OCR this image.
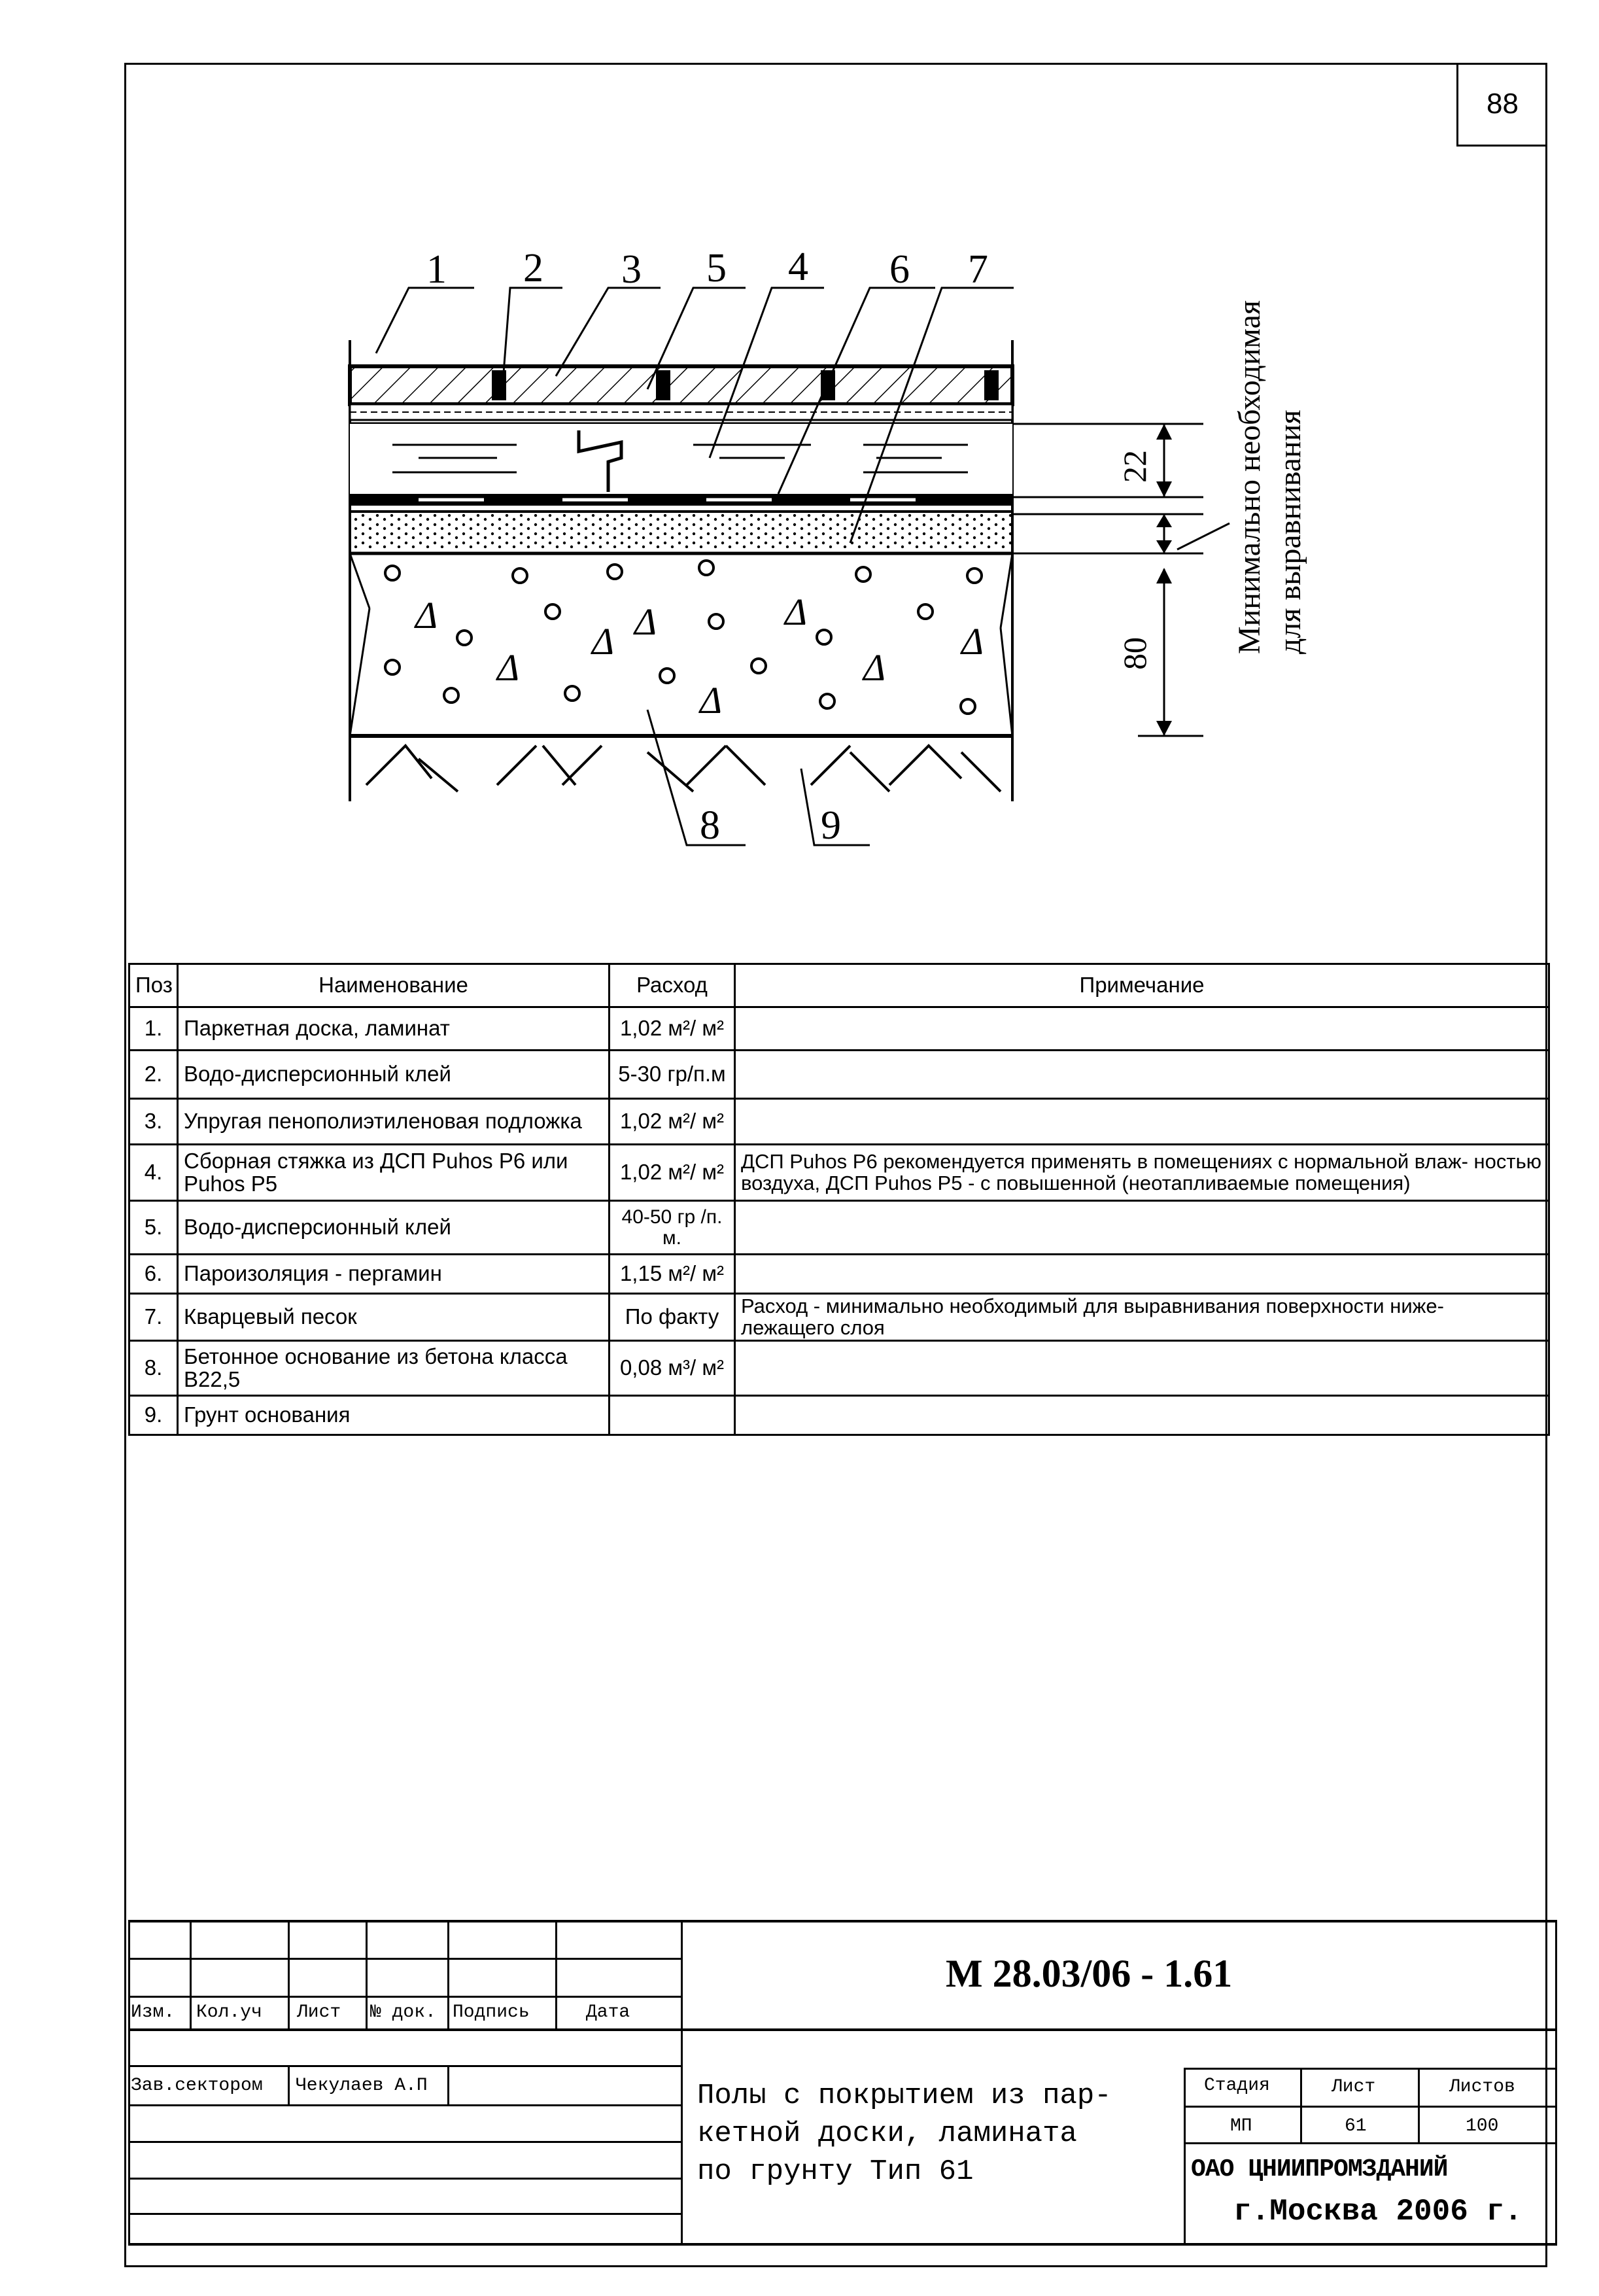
88
Δ
Δ
Δ Δ
Δ
Δ
Δ
Δ
1 2 3 5 4 6 7
8 9
22
80	Минимально необходимая для выравнивания
Поз	Наименование	Расход	Примечание
1.	Паркетная доска, ламинат	1,02 м²/ м²	
2.	Водо-дисперсионный клей	5-30 гр/п.м	
3.	Упругая пенополиэтиленовая подложка	1,02 м²/ м²	
4.	Сборная стяжка из ДСП Puhos P6 или Puhos P5	1,02 м²/ м²	ДСП Puhos P6 рекомендуется применять в помещениях с нормальной влаж- ностью воздуха, ДСП Puhos P5 - с повышенной (неотапливаемые помещения)
5.	Водо-дисперсионный клей	40-50 гр /п. м.	
6.	Пароизоляция - пергамин	1,15 м²/ м²	
7.	Кварцевый песок	По факту	Расход - минимально необходимый для выравнивания поверхности ниже- лежащего слоя
8.	Бетонное основание из бетона класса B22,5	0,08 м³/ м²	
9.	Грунт основания		
Изм. Кол.уч Лист № док. Подпись	Дата
Зав.сектором Чекулаев А.П
М 28.03/06 - 1.61
Полы с покрытием из пар-
кетной доски, ламината
по грунту Тип 61
Стадия	Лист	Листов
МП	61	100
ОАО ЦНИИПРОМЗДАНИЙ
г.Москва 2006 г.
